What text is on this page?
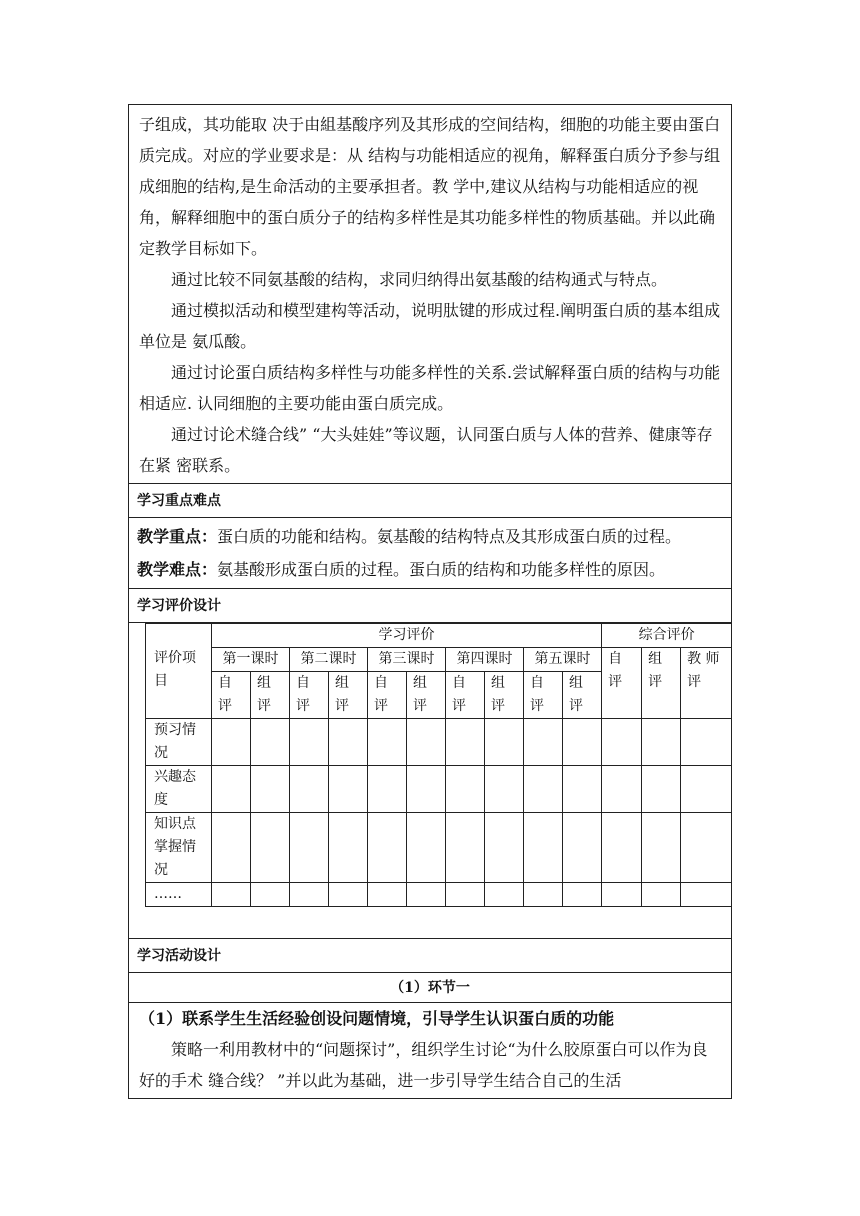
子组成，其功能取 决于由組基酸序列及其形成的空间结构，细胞的功能主要由蛋白质完成。对应的学业要求是：从 结构与功能相适应的视角，解释蛋白质分予参与组成细胞的结构,是生命活动的主要承担者。教 学中,建议从结构与功能相适应的视角，解释细胞中的蛋白质分子的结构多样性是其功能多样性的物质基础。并以此确定教学目标如下。

通过比较不同氨基酸的结构，求同归纳得出氨基酸的结构通式与特点。

通过模拟活动和模型建构等活动，说明肽键的形成过程.阐明蛋白质的基本组成单位是 氨瓜酸。

通过讨论蛋白质结构多样性与功能多样性的关系.尝试解释蛋白质的结构与功能相适应. 认同细胞的主要功能由蛋白质完成。

通过讨论术缝合线” “大头娃娃”等议题，认同蛋白质与人体的营养、健康等存在紧 密联系。

学习重点难点
教学重点：蛋白质的功能和结构。氨基酸的结构特点及其形成蛋白质的过程。
教学难点：氨基酸形成蛋白质的过程。蛋白质的结构和功能多样性的原因。
学习评价设计
评价项目	学习评价										综合评价		
	第一课时		第二课时		第三课时		第四课时		第五课时		自评	组评	教 师评
	自评	组评	自评	组评	自评	组评	自评	组评	自评	组评			
预习情况													
兴趣态度													
知识点掌握情况													
……													
学习活动设计
（1）环节一

（1）联系学生生活经验创设问题情境，引导学生认识蛋白质的功能

策略一利用教材中的“问题探讨”，组织学生讨论“为什么胶原蛋白可以作为良好的手术 缝合线？ ”并以此为基础，进一步引导学生结合自己的生活
